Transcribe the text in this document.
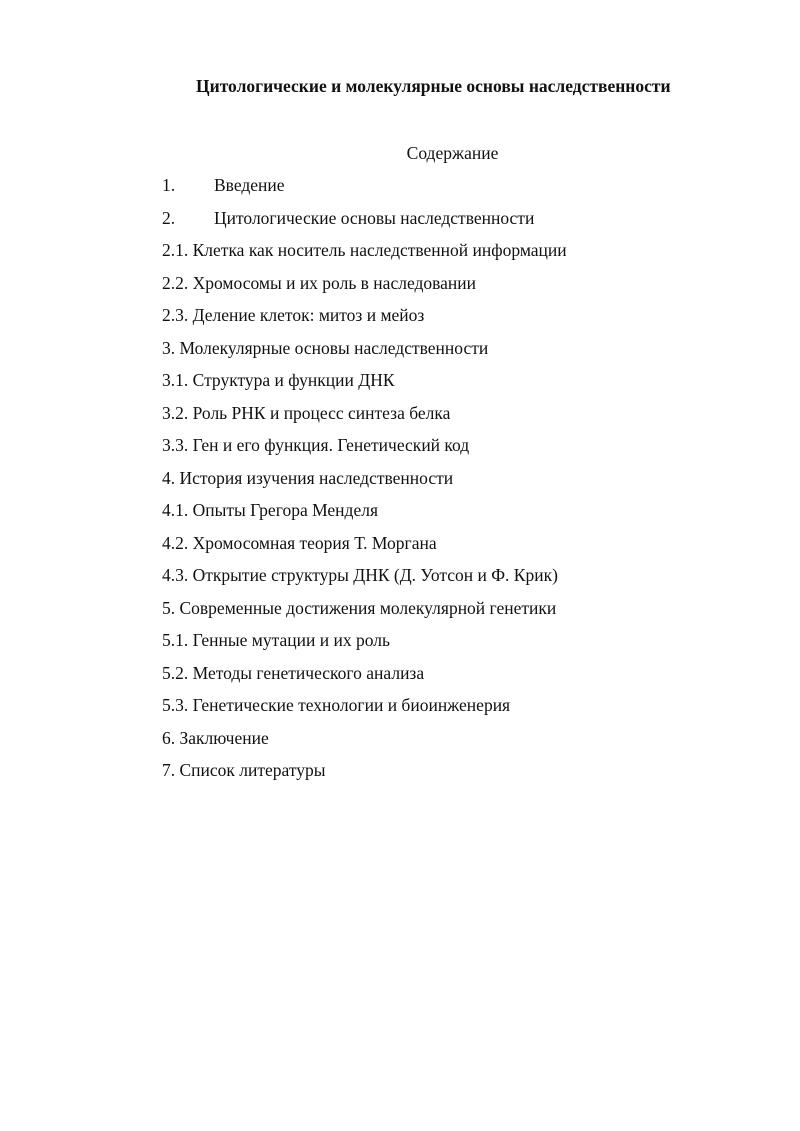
Цитологические и молекулярные основы наследственности
Содержание
1. Введение
2. Цитологические основы наследственности
2.1. Клетка как носитель наследственной информации
2.2. Хромосомы и их роль в наследовании
2.3. Деление клеток: митоз и мейоз
3. Молекулярные основы наследственности
3.1. Структура и функции ДНК
3.2. Роль РНК и процесс синтеза белка
3.3. Ген и его функция. Генетический код
4. История изучения наследственности
4.1. Опыты Грегора Менделя
4.2. Хромосомная теория Т. Моргана
4.3. Открытие структуры ДНК (Д. Уотсон и Ф. Крик)
5. Современные достижения молекулярной генетики
5.1. Генные мутации и их роль
5.2. Методы генетического анализа
5.3. Генетические технологии и биоинженерия
6. Заключение
7. Список литературы
